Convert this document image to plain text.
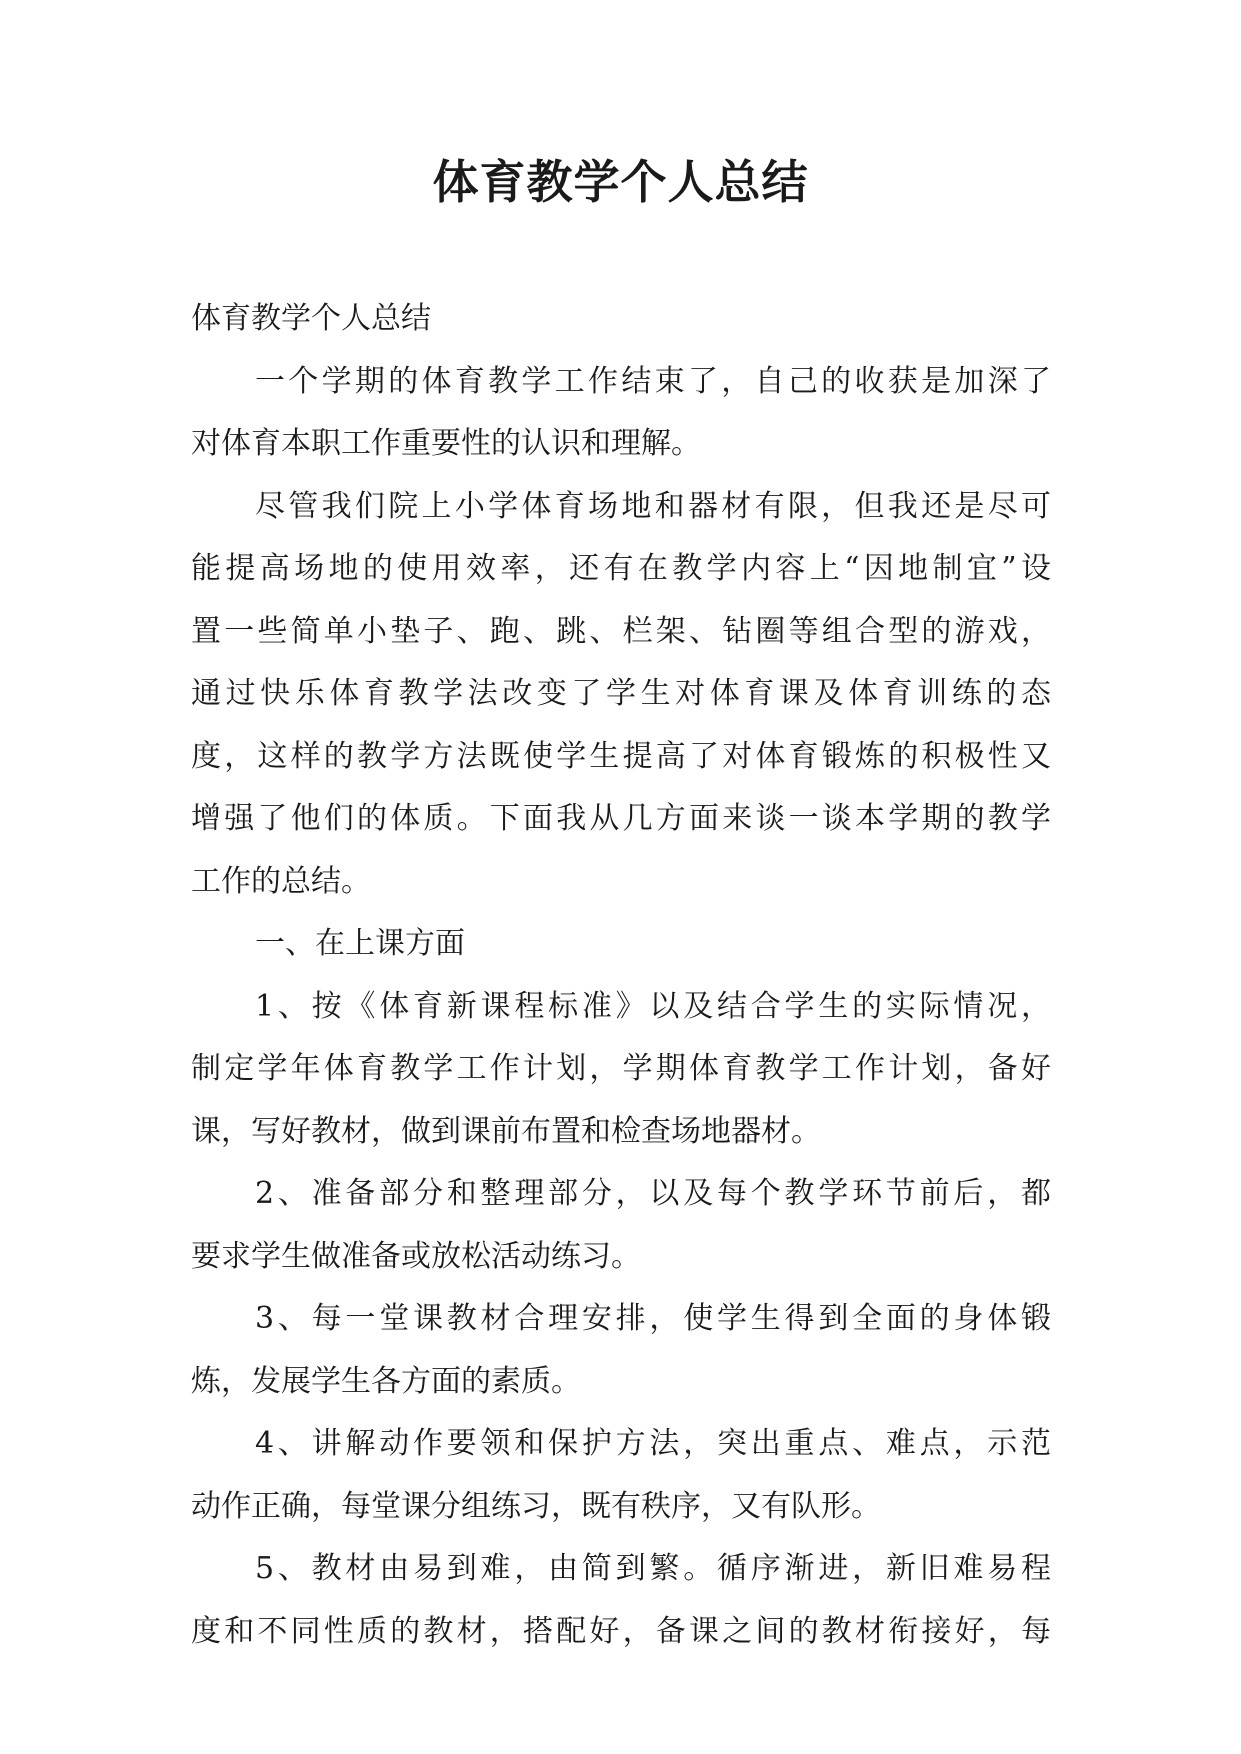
体育教学个人总结
体育教学个人总结
一个学期的体育教学工作结束了，自己的收获是加深了
对体育本职工作重要性的认识和理解。
尽管我们院上小学体育场地和器材有限，但我还是尽可
能提高场地的使用效率，还有在教学内容上“因地制宜”设
置一些简单小垫子、跑、跳、栏架、钻圈等组合型的游戏，
通过快乐体育教学法改变了学生对体育课及体育训练的态
度，这样的教学方法既使学生提高了对体育锻炼的积极性又
增强了他们的体质。下面我从几方面来谈一谈本学期的教学
工作的总结。
一、在上课方面
1、按《体育新课程标准》以及结合学生的实际情况，
制定学年体育教学工作计划，学期体育教学工作计划，备好
课，写好教材，做到课前布置和检查场地器材。
2、准备部分和整理部分，以及每个教学环节前后，都
要求学生做准备或放松活动练习。
3、每一堂课教材合理安排，使学生得到全面的身体锻
炼，发展学生各方面的素质。
4、讲解动作要领和保护方法，突出重点、难点，示范
动作正确，每堂课分组练习，既有秩序，又有队形。
5、教材由易到难，由简到繁。循序渐进，新旧难易程
度和不同性质的教材，搭配好，备课之间的教材衔接好，每
